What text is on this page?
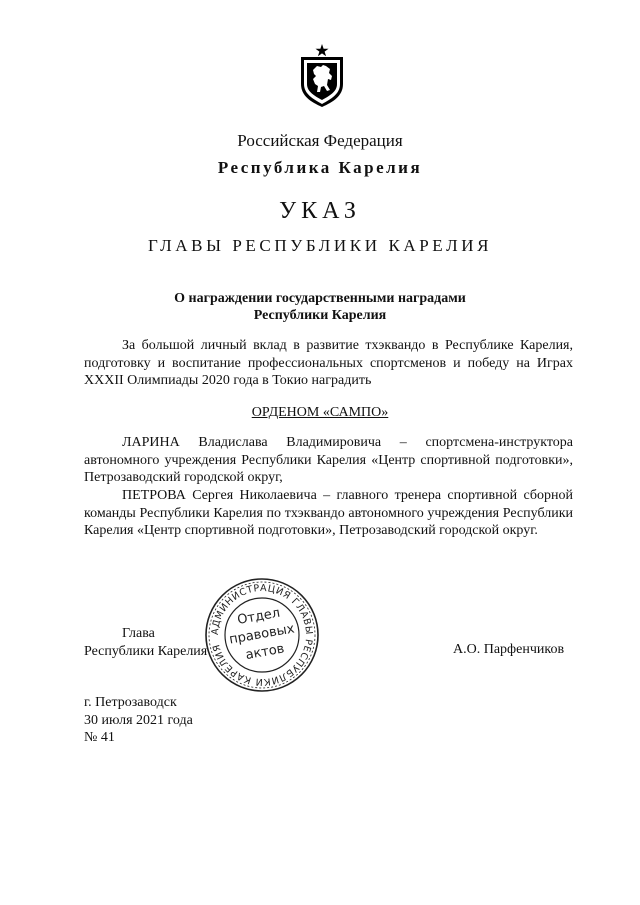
Российская Федерация
Республика Карелия
УКАЗ
ГЛАВЫ РЕСПУБЛИКИ КАРЕЛИЯ
О награждении государственными наградами
Республики Карелия
За большой личный вклад в развитие тхэквандо в Республике Карелия, подготовку и воспитание профессиональных спортсменов и победу на Играх XXXII Олимпиады 2020 года в Токио наградить
ОРДЕНОМ «САМПО»
ЛАРИНА Владислава Владимировича – спортсмена-инструктора автономного учреждения Республики Карелия «Центр спортивной подготовки», Петрозаводский городской округ,
ПЕТРОВА Сергея Николаевича – главного тренера спортивной сборной команды Республики Карелия по тхэквандо автономного учреждения Республики Карелия «Центр спортивной подготовки», Петрозаводский городской округ.
Глава
Республики Карелия	А.О. Парфенчиков
АДМИНИСТРАЦИЯ ГЛАВЫ РЕСПУБЛИКИ КАРЕЛИЯ
Отдел
правовых
актов
г. Петрозаводск
30 июля 2021 года
№ 41
